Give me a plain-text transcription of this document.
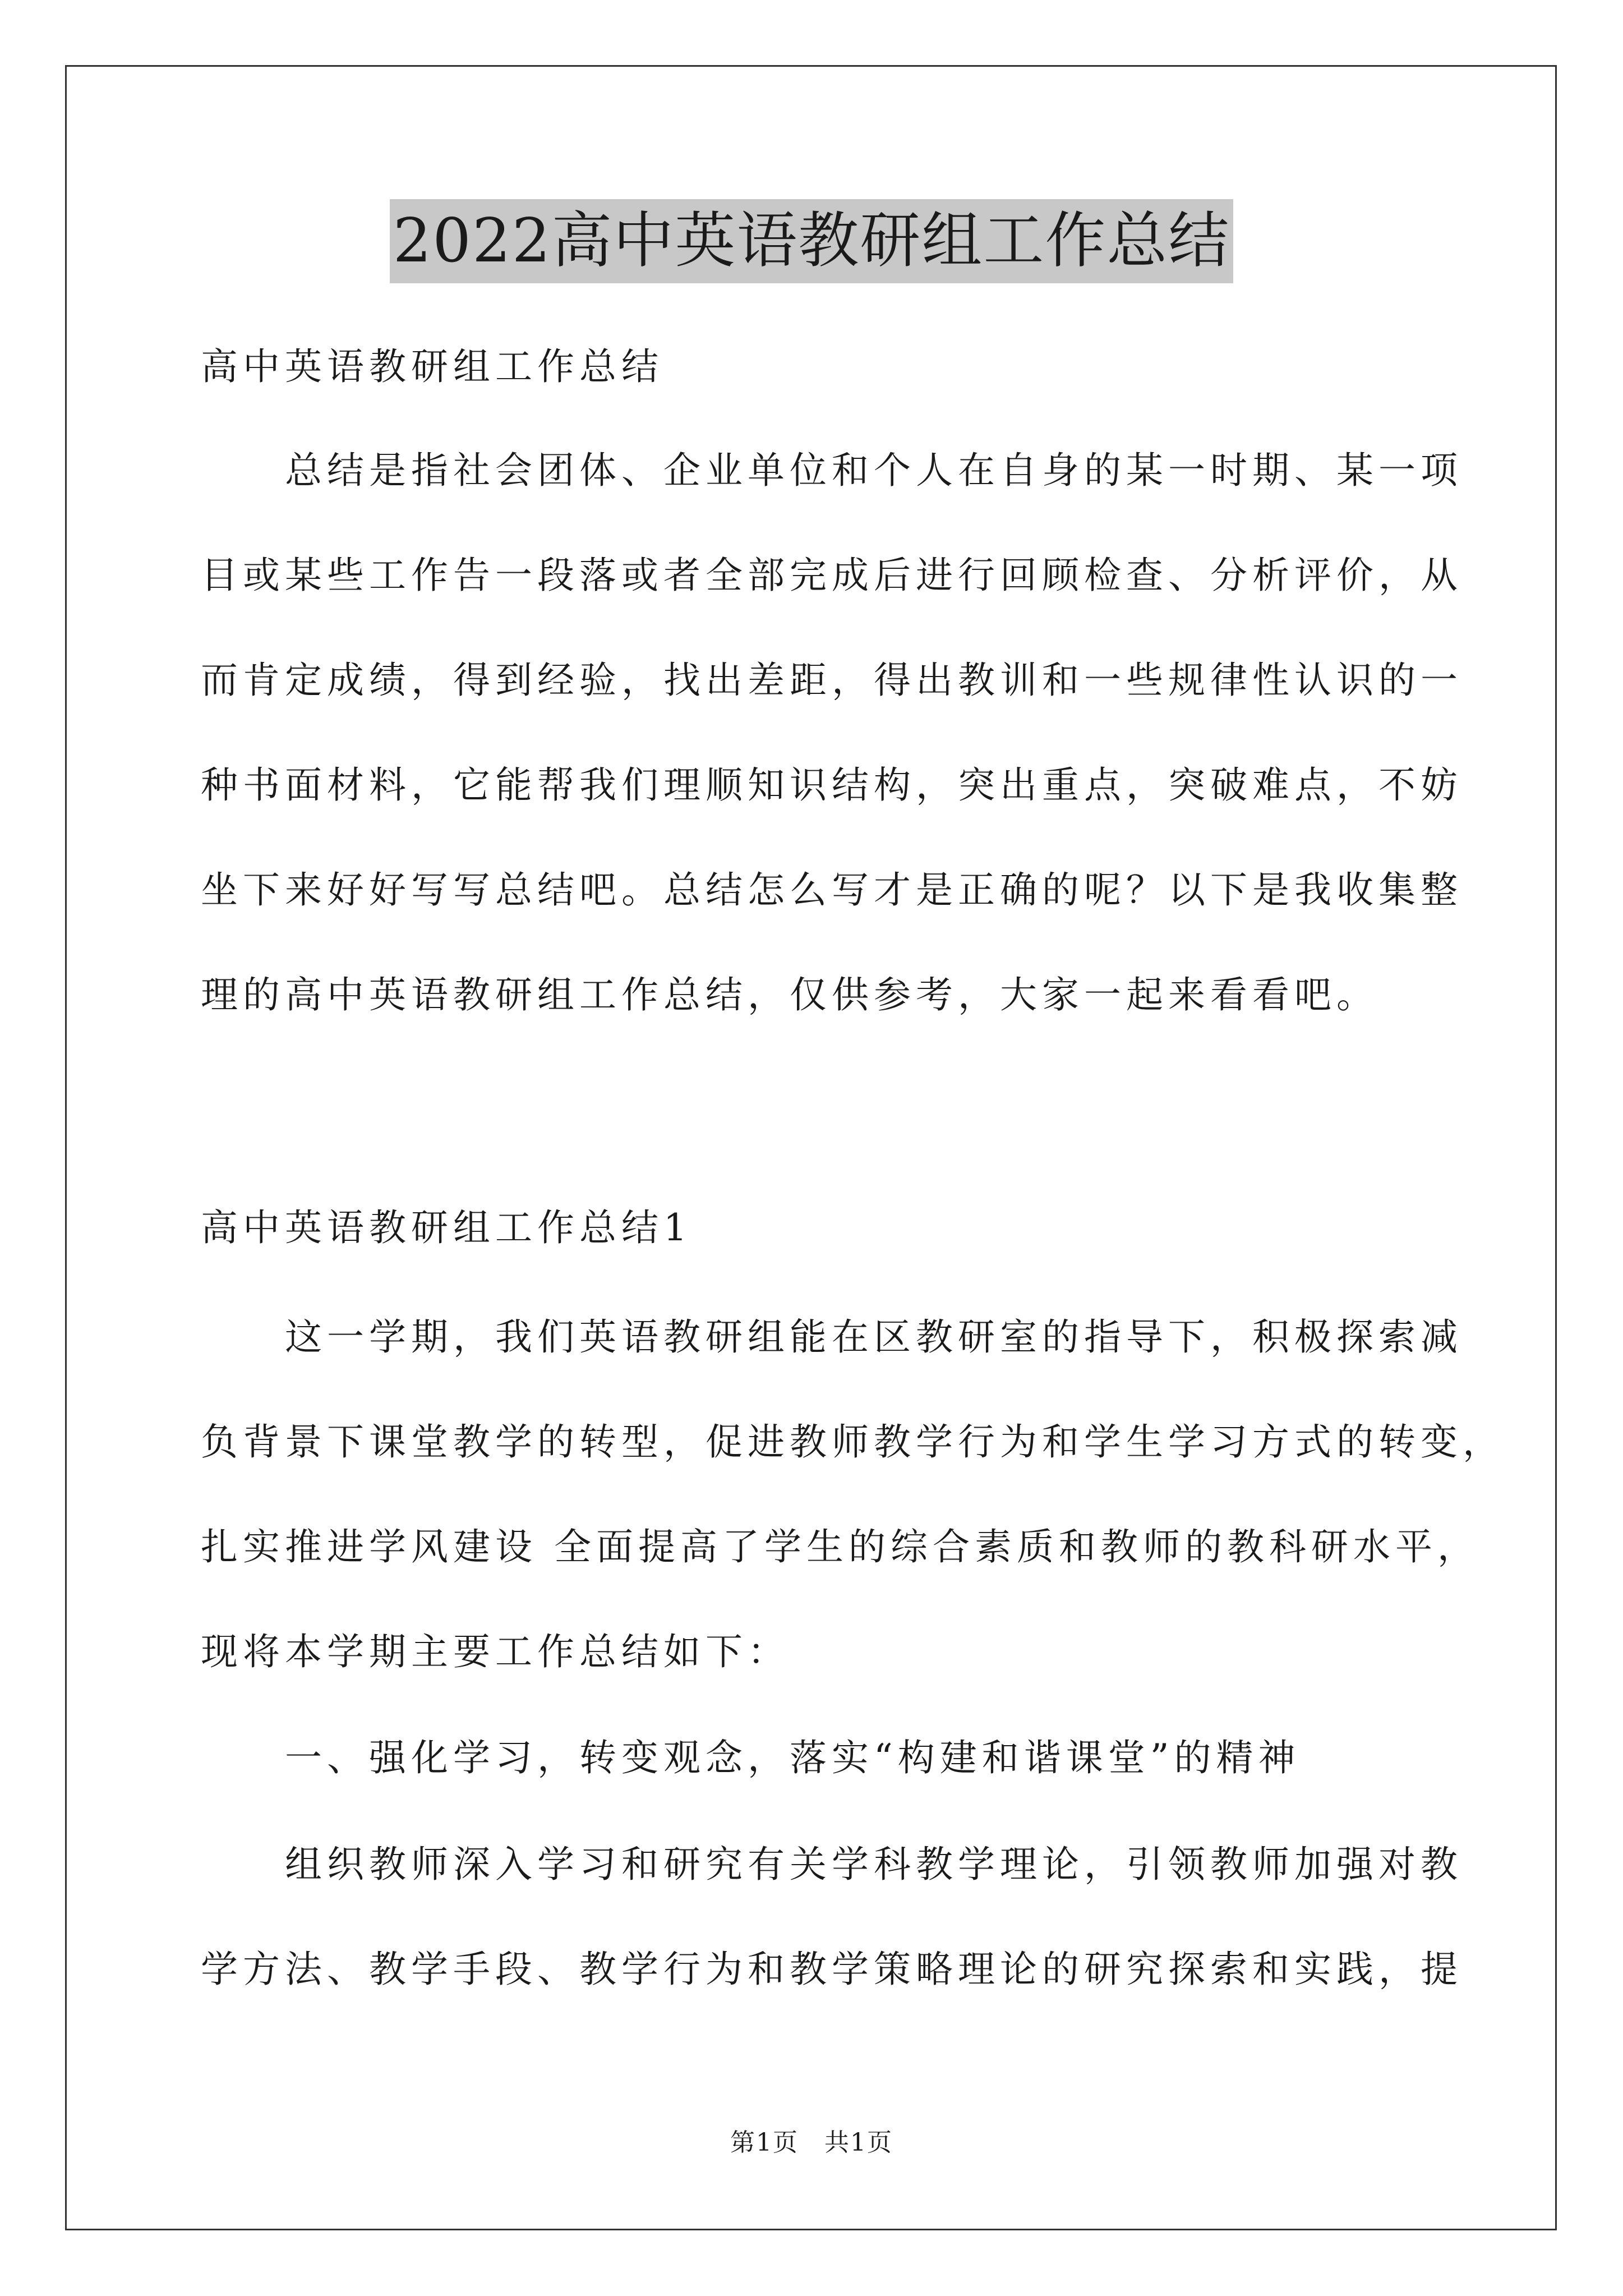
2022高中英语教研组工作总结

高中英语教研组工作总结

　　总结是指社会团体、企业单位和个人在自身的某一时期、某一项
目或某些工作告一段落或者全部完成后进行回顾检查、分析评价，从
而肯定成绩，得到经验，找出差距，得出教训和一些规律性认识的一
种书面材料，它能帮我们理顺知识结构，突出重点，突破难点，不妨
坐下来好好写写总结吧。总结怎么写才是正确的呢？以下是我收集整
理的高中英语教研组工作总结，仅供参考，大家一起来看看吧。

高中英语教研组工作总结1

　　这一学期，我们英语教研组能在区教研室的指导下，积极探索减
负背景下课堂教学的转型，促进教师教学行为和学生学习方式的转变，
扎实推进学风建设 全面提高了学生的综合素质和教师的教科研水平，
现将本学期主要工作总结如下：

　　一、强化学习，转变观念，落实“构建和谐课堂”的精神

　　组织教师深入学习和研究有关学科教学理论，引领教师加强对教
学方法、教学手段、教学行为和教学策略理论的研究探索和实践，提
第1页　共1页
